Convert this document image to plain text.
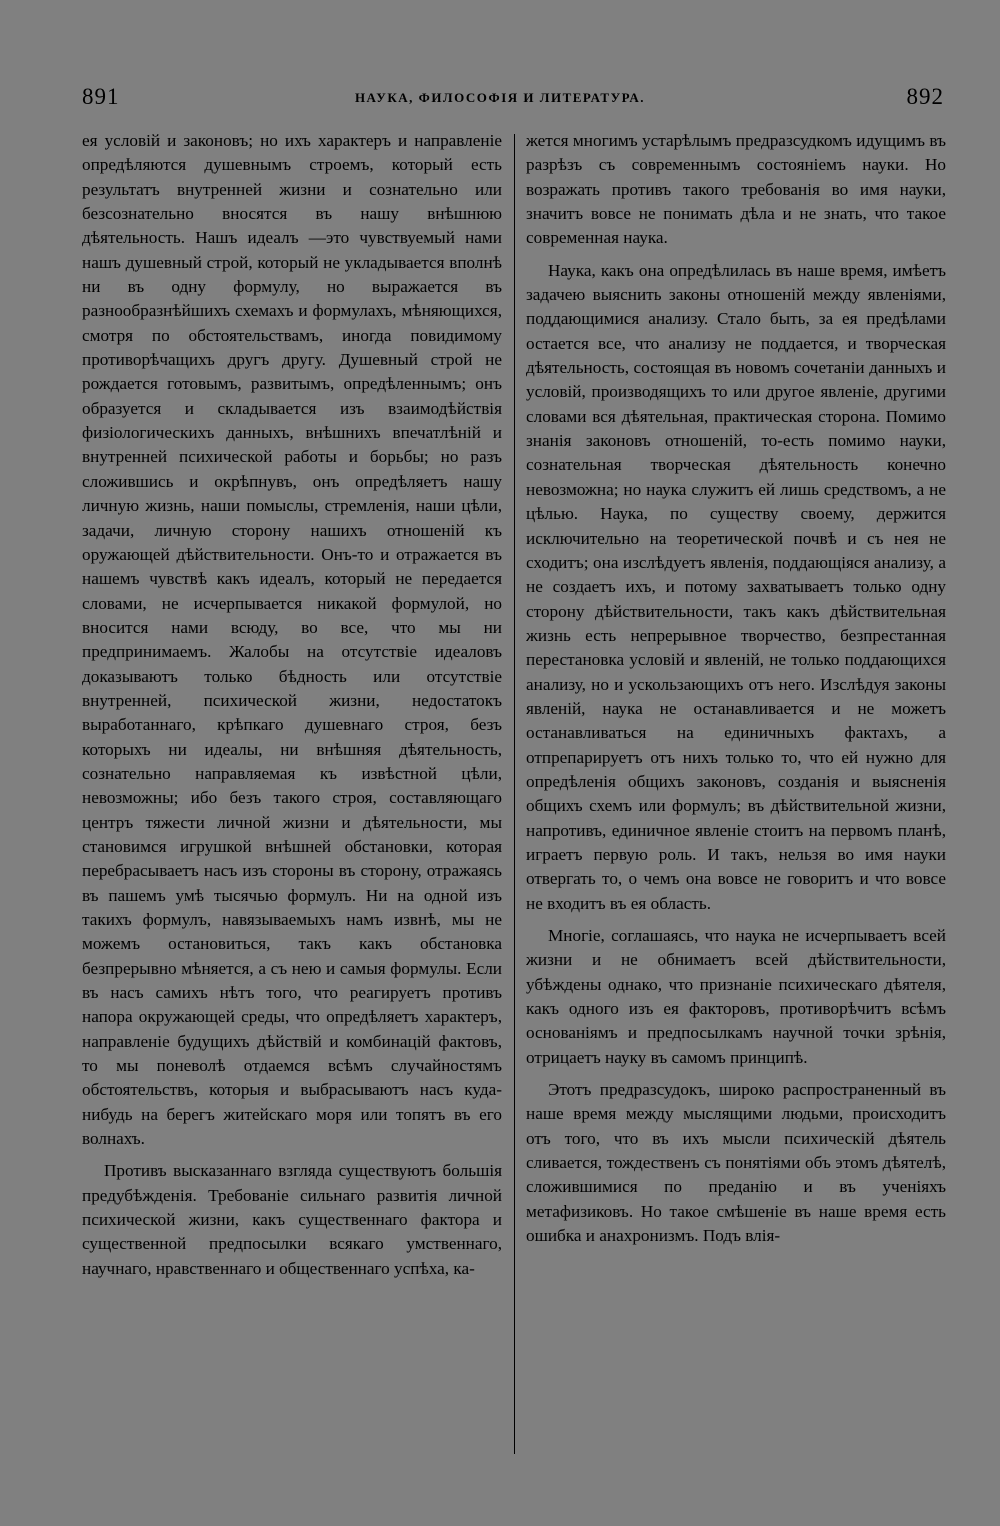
891	НАУКА, ФИЛОСОФІЯ И ЛИТЕРАТУРА.	892

ея условій и законовъ; но ихъ характеръ и направленіе опредѣляются душевнымъ строемъ, который есть результатъ внутренней жизни и сознательно или безсознательно вносятся въ нашу внѣшнюю дѣятельность. Нашъ идеалъ —это чувствуемый нами нашъ душевный строй, который не укладывается вполнѣ ни въ одну формулу, но выражается въ разнообразнѣйшихъ схемахъ и формулахъ, мѣняющихся, смотря по обстоятельствамъ, иногда повидимому противорѣчащихъ другъ другу. Душевный строй не рождается готовымъ, развитымъ, опредѣленнымъ; онъ образуется и складывается изъ взаимодѣйствія физіологическихъ данныхъ, внѣшнихъ впечатлѣній и внутренней психической работы и борьбы; но разъ сложившись и окрѣпнувъ, онъ опредѣляетъ нашу личную жизнь, наши помыслы, стремленія, наши цѣли, задачи, личную сторону нашихъ отношеній къ оружающей дѣйствительности. Онъ-то и отражается въ нашемъ чувствѣ какъ идеалъ, который не передается словами, не исчерпывается никакой формулой, но вносится нами всюду, во все, что мы ни предпринимаемъ. Жалобы на отсутствіе идеаловъ доказываютъ только бѣдность или отсутствіе внутренней, психической жизни, недостатокъ выработаннаго, крѣпкаго душевнаго строя, безъ которыхъ ни идеалы, ни внѣшняя дѣятельность, сознательно направляемая къ извѣстной цѣли, невозможны; ибо безъ такого строя, составляющаго центръ тяжести личной жизни и дѣятельности, мы становимся игрушкой внѣшней обстановки, которая перебрасываетъ насъ изъ стороны въ сторону, отражаясь въ пашемъ умѣ тысячью формулъ. Ни на одной изъ такихъ формулъ, навязываемыхъ намъ извнѣ, мы не можемъ остановиться, такъ какъ обстановка безпрерывно мѣняется, а съ нею и самыя формулы. Если въ насъ самихъ нѣтъ того, что реагируетъ противъ напора окружающей среды, что опредѣляетъ характеръ, направленіе будущихъ дѣйствій и комбинацій фактовъ, то мы поневолѣ отдаемся всѣмъ случайностямъ обстоятельствъ, которыя и выбрасываютъ насъ куда-нибудь на берегъ житейскаго моря или топятъ въ его волнахъ.

Противъ высказаннаго взгляда существуютъ большія предубѣжденія. Требованіе сильнаго развитія личной психической жизни, какъ существеннаго фактора и существенной предпосылки всякаго умственнаго, научнаго, нравственнаго и общественнаго успѣха, ка-

жется многимъ устарѣлымъ предразсудкомъ идущимъ въ разрѣзъ съ современнымъ состояніемъ науки. Но возражать противъ такого требованія во имя науки, значитъ вовсе не понимать дѣла и не знать, что такое современная наука.

Наука, какъ она опредѣлилась въ наше время, имѣетъ задачею выяснить законы отношеній между явленіями, поддающимися анализу. Стало быть, за ея предѣлами остается все, что анализу не поддается, и творческая дѣятельность, состоящая въ новомъ сочетаніи данныхъ и условій, производящихъ то или другое явленіе, другими словами вся дѣятельная, практическая сторона. Помимо знанія законовъ отношеній, то-есть помимо науки, сознательная творческая дѣятельность конечно невозможна; но наука служитъ ей лишь средствомъ, а не цѣлью. Наука, по существу своему, держится исключительно на теоретической почвѣ и съ нея не сходитъ; она изслѣдуетъ явленія, поддающіяся анализу, а не создаетъ ихъ, и потому захватываетъ только одну сторону дѣйствительности, такъ какъ дѣйствительная жизнь есть непрерывное творчество, безпрестанная перестановка условій и явленій, не только поддающихся анализу, но и ускользающихъ отъ него. Изслѣдуя законы явленій, наука не останавливается и не можетъ останавливаться на единичныхъ фактахъ, а отпрепарируетъ отъ нихъ только то, что ей нужно для опредѣленія общихъ законовъ, созданія и выясненія общихъ схемъ или формулъ; въ дѣйствительной жизни, напротивъ, единичное явленіе стоитъ на первомъ планѣ, играетъ первую роль. И такъ, нельзя во имя науки отвергать то, о чемъ она вовсе не говоритъ и что вовсе не входитъ въ ея область.

Многіе, соглашаясь, что наука не исчерпываетъ всей жизни и не обнимаетъ всей дѣйствительности, убѣждены однако, что признаніе психическаго дѣятеля, какъ одного изъ ея факторовъ, противорѣчитъ всѣмъ основаніямъ и предпосылкамъ научной точки зрѣнія, отрицаетъ науку въ самомъ принципѣ.

Этотъ предразсудокъ, широко распространенный въ наше время между мыслящими людьми, происходитъ отъ того, что въ ихъ мысли психическій дѣятель сливается, тождественъ съ понятіями объ этомъ дѣятелѣ, сложившимися по преданію и въ ученіяхъ метафизиковъ. Но такое смѣшеніе въ наше время есть ошибка и анахронизмъ. Подъ влія-
